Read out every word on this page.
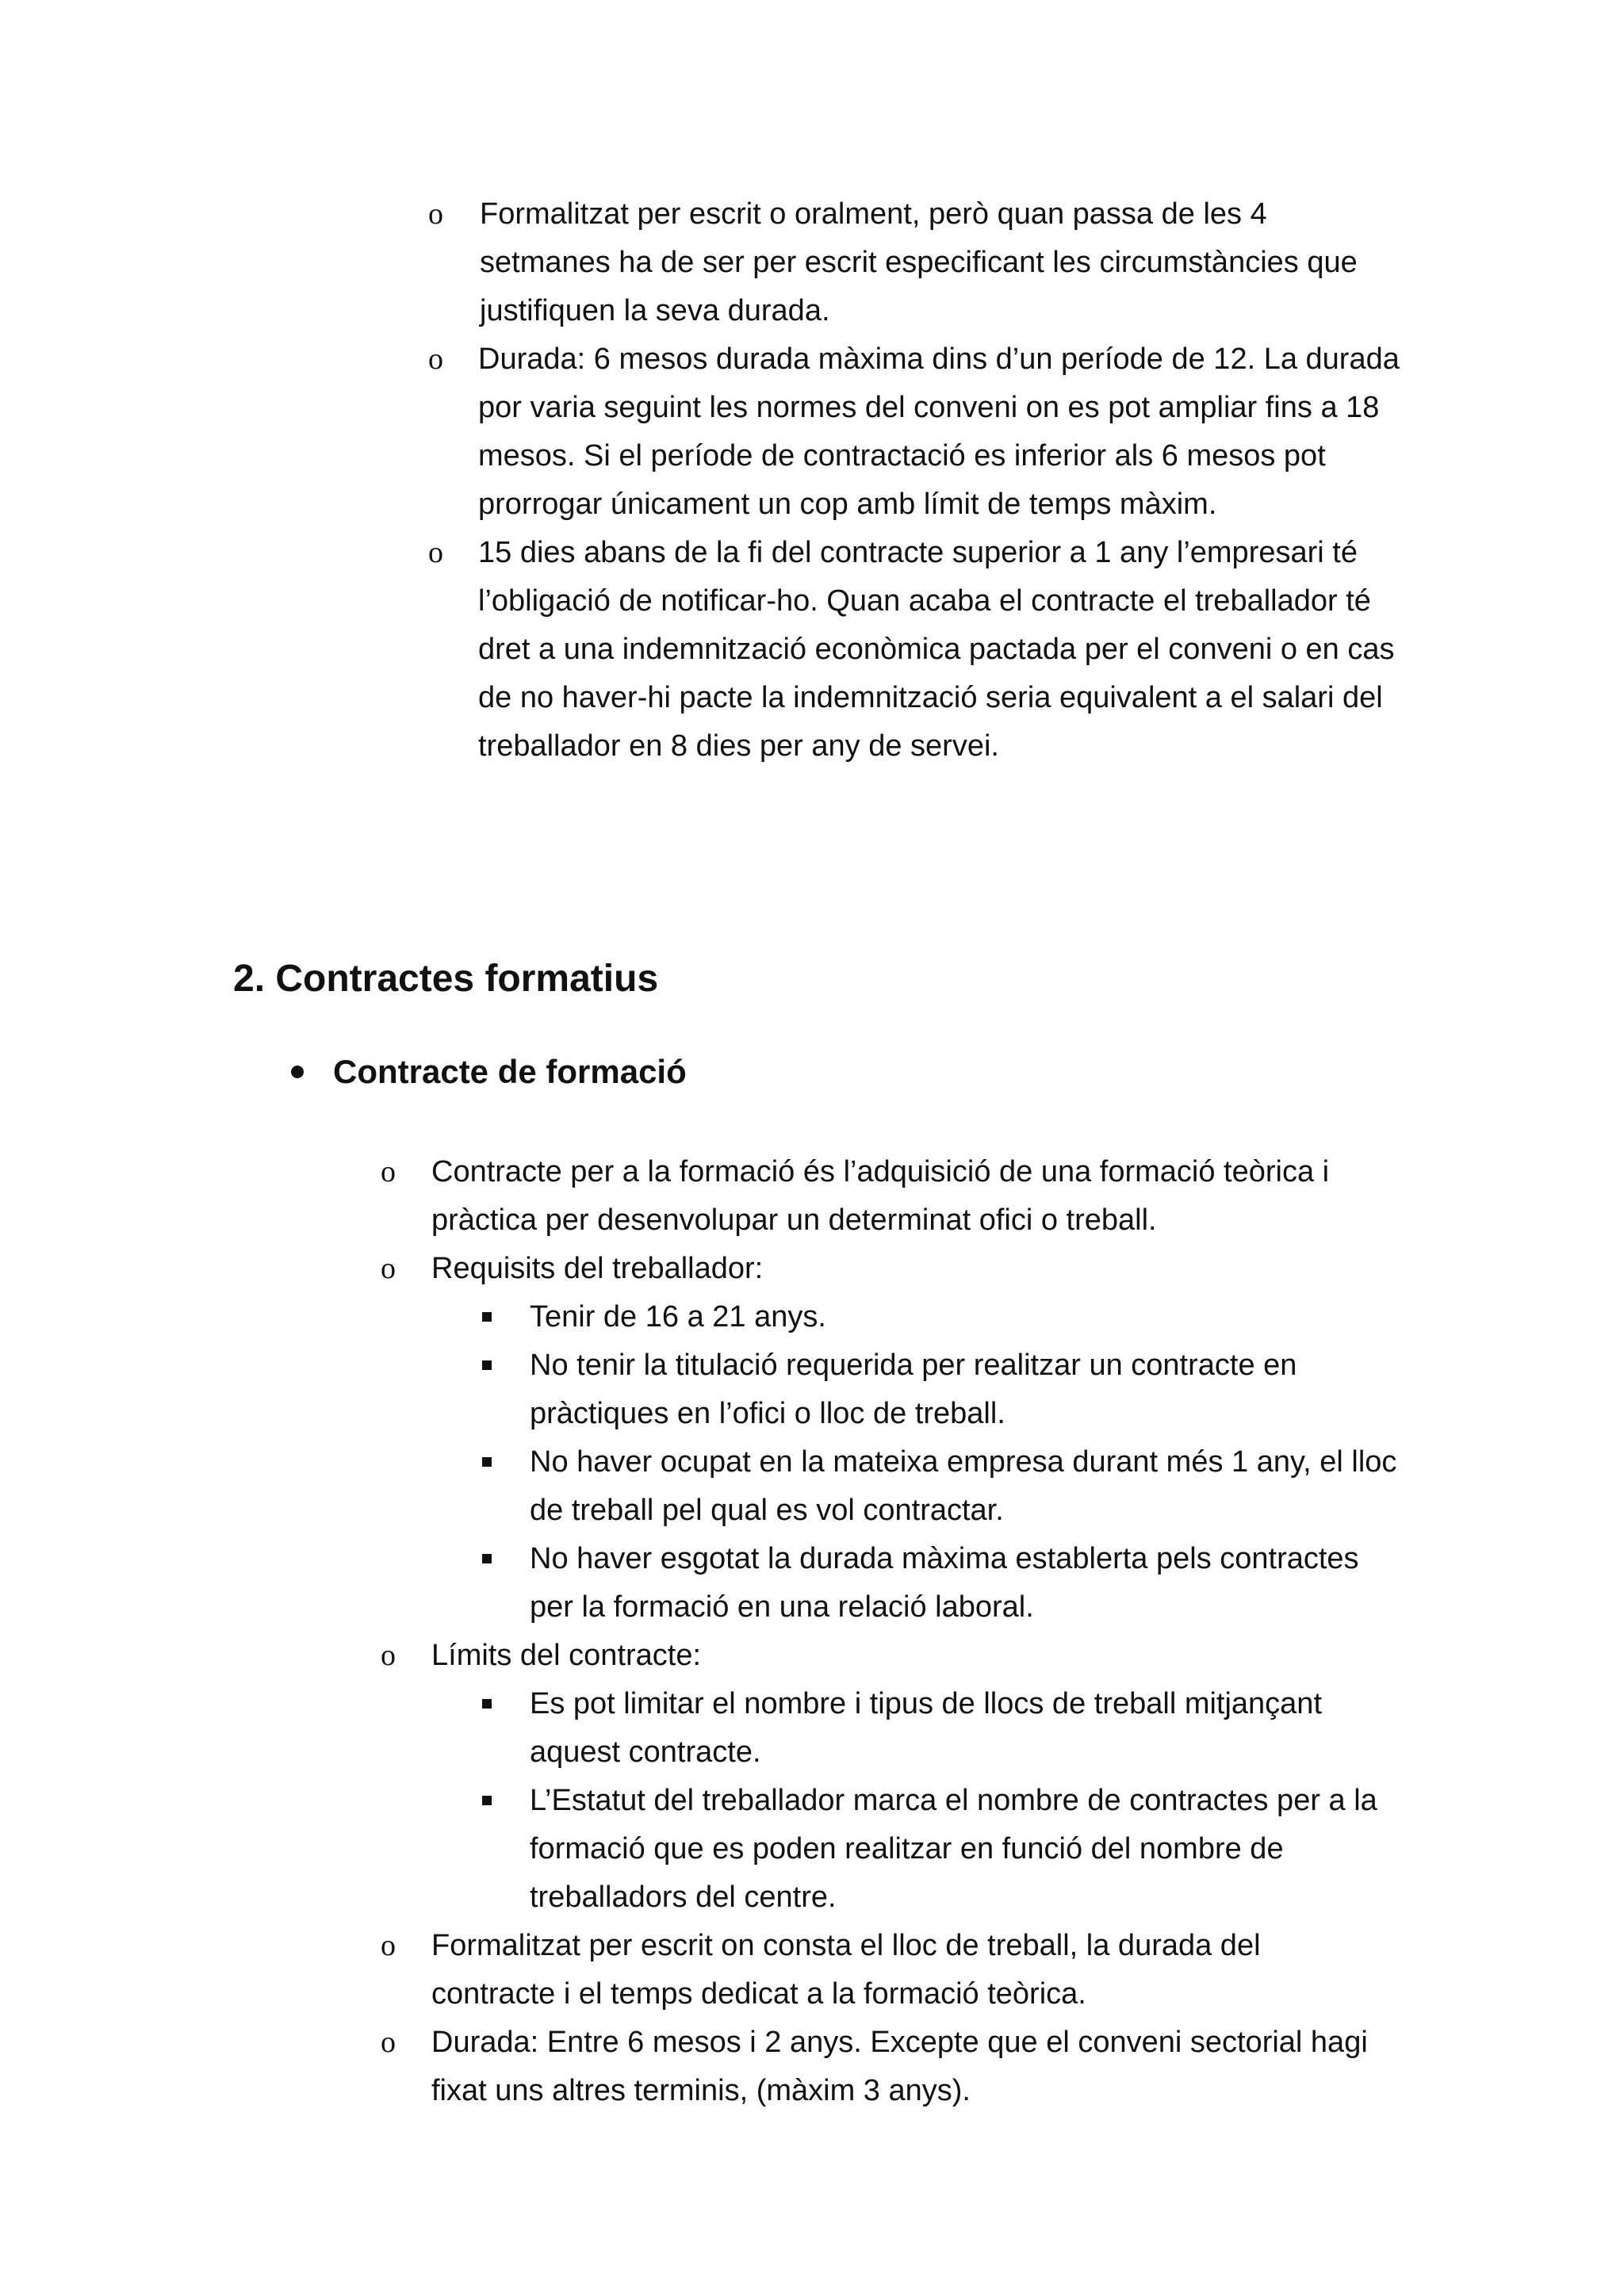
o Formalitzat per escrit o oralment, però quan passa de les 4
setmanes ha de ser per escrit especificant les circumstàncies que
justifiquen la seva durada.
o Durada: 6 mesos durada màxima dins d’un període de 12. La durada
por varia seguint les normes del conveni on es pot ampliar fins a 18
mesos. Si el període de contractació es inferior als 6 mesos pot
prorrogar únicament un cop amb límit de temps màxim.
o 15 dies abans de la fi del contracte superior a 1 any l’empresari té
l’obligació de notificar-ho. Quan acaba el contracte el treballador té
dret a una indemnització econòmica pactada per el conveni o en cas
de no haver-hi pacte la indemnització seria equivalent a el salari del
treballador en 8 dies per any de servei.
2. Contractes formatius
Contracte de formació
o Contracte per a la formació és l’adquisició de una formació teòrica i
pràctica per desenvolupar un determinat ofici o treball.
o Requisits del treballador:
Tenir de 16 a 21 anys.
No tenir la titulació requerida per realitzar un contracte en
pràctiques en l’ofici o lloc de treball.
No haver ocupat en la mateixa empresa durant més 1 any, el lloc
de treball pel qual es vol contractar.
No haver esgotat la durada màxima establerta pels contractes
per la formació en una relació laboral.
o Límits del contracte:
Es pot limitar el nombre i tipus de llocs de treball mitjançant
aquest contracte.
L’Estatut del treballador marca el nombre de contractes per a la
formació que es poden realitzar en funció del nombre de
treballadors del centre.
o Formalitzat per escrit on consta el lloc de treball, la durada del
contracte i el temps dedicat a la formació teòrica.
o Durada: Entre 6 mesos i 2 anys. Excepte que el conveni sectorial hagi
fixat uns altres terminis, (màxim 3 anys).
